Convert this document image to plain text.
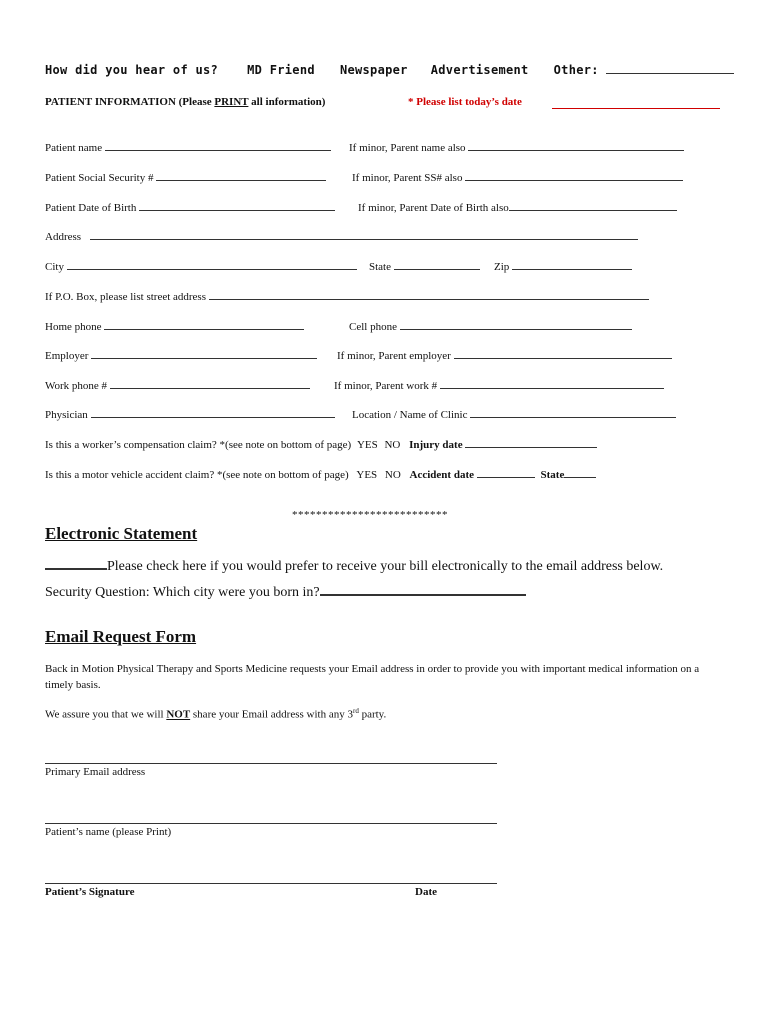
How did you hear of us? MD Friend Newspaper Advertisement Other:
PATIENT INFORMATION (Please PRINT all information)	* Please list today’s date
Patient name	If minor, Parent name also
Patient Social Security #	If minor, Parent SS# also
Patient Date of Birth	If minor, Parent Date of Birth also
Address
City	State	Zip
If P.O. Box, please list street address
Home phone	Cell phone
Employer	If minor, Parent employer
Work phone #	If minor, Parent work #
Physician	Location / Name of Clinic
Is this a worker’s compensation claim? *(see note on bottom of page) YES NO Injury date
Is this a motor vehicle accident claim? *(see note on bottom of page) YES NO Accident date	State
**************************
Electronic Statement
Please check here if you would prefer to receive your bill electronically to the email address below.
Security Question: Which city were you born in?
Email Request Form
Back in Motion Physical Therapy and Sports Medicine requests your Email address in order to provide you with important medical information on a timely basis.
We assure you that we will NOT share your Email address with any 3rd party.
Primary Email address
Patient’s name (please Print)
Patient’s Signature	Date
